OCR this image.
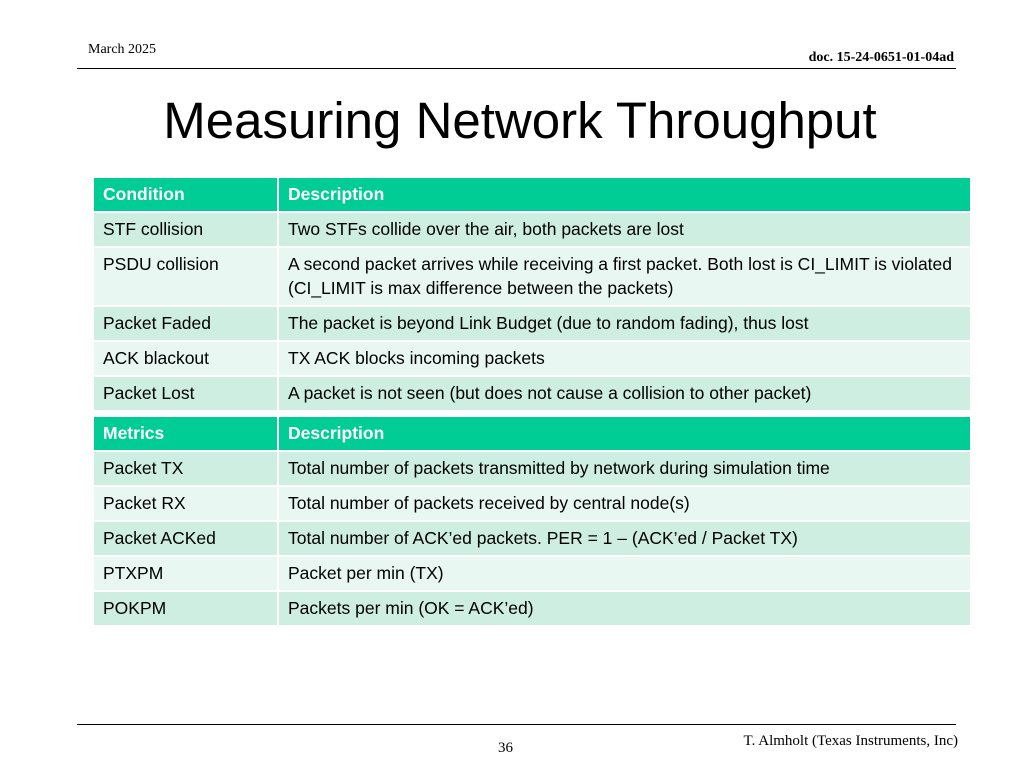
March 2025
doc. 15-24-0651-01-04ad
Measuring Network Throughput
Condition	Description
STF collision	Two STFs collide over the air, both packets are lost
PSDU collision	A second packet arrives while receiving a first packet. Both lost is CI_LIMIT is violated (CI_LIMIT is max difference between the packets)
Packet Faded	The packet is beyond Link Budget (due to random fading), thus lost
ACK blackout	TX ACK blocks incoming packets
Packet Lost	A packet is not seen (but does not cause a collision to other packet)
Metrics	Description
Packet TX	Total number of packets transmitted by network during simulation time
Packet RX	Total number of packets received by central node(s)
Packet ACKed	Total number of ACK’ed packets. PER = 1 – (ACK’ed / Packet TX)
PTXPM	Packet per min (TX)
POKPM	Packets per min (OK = ACK’ed)
36	T. Almholt (Texas Instruments, Inc)
